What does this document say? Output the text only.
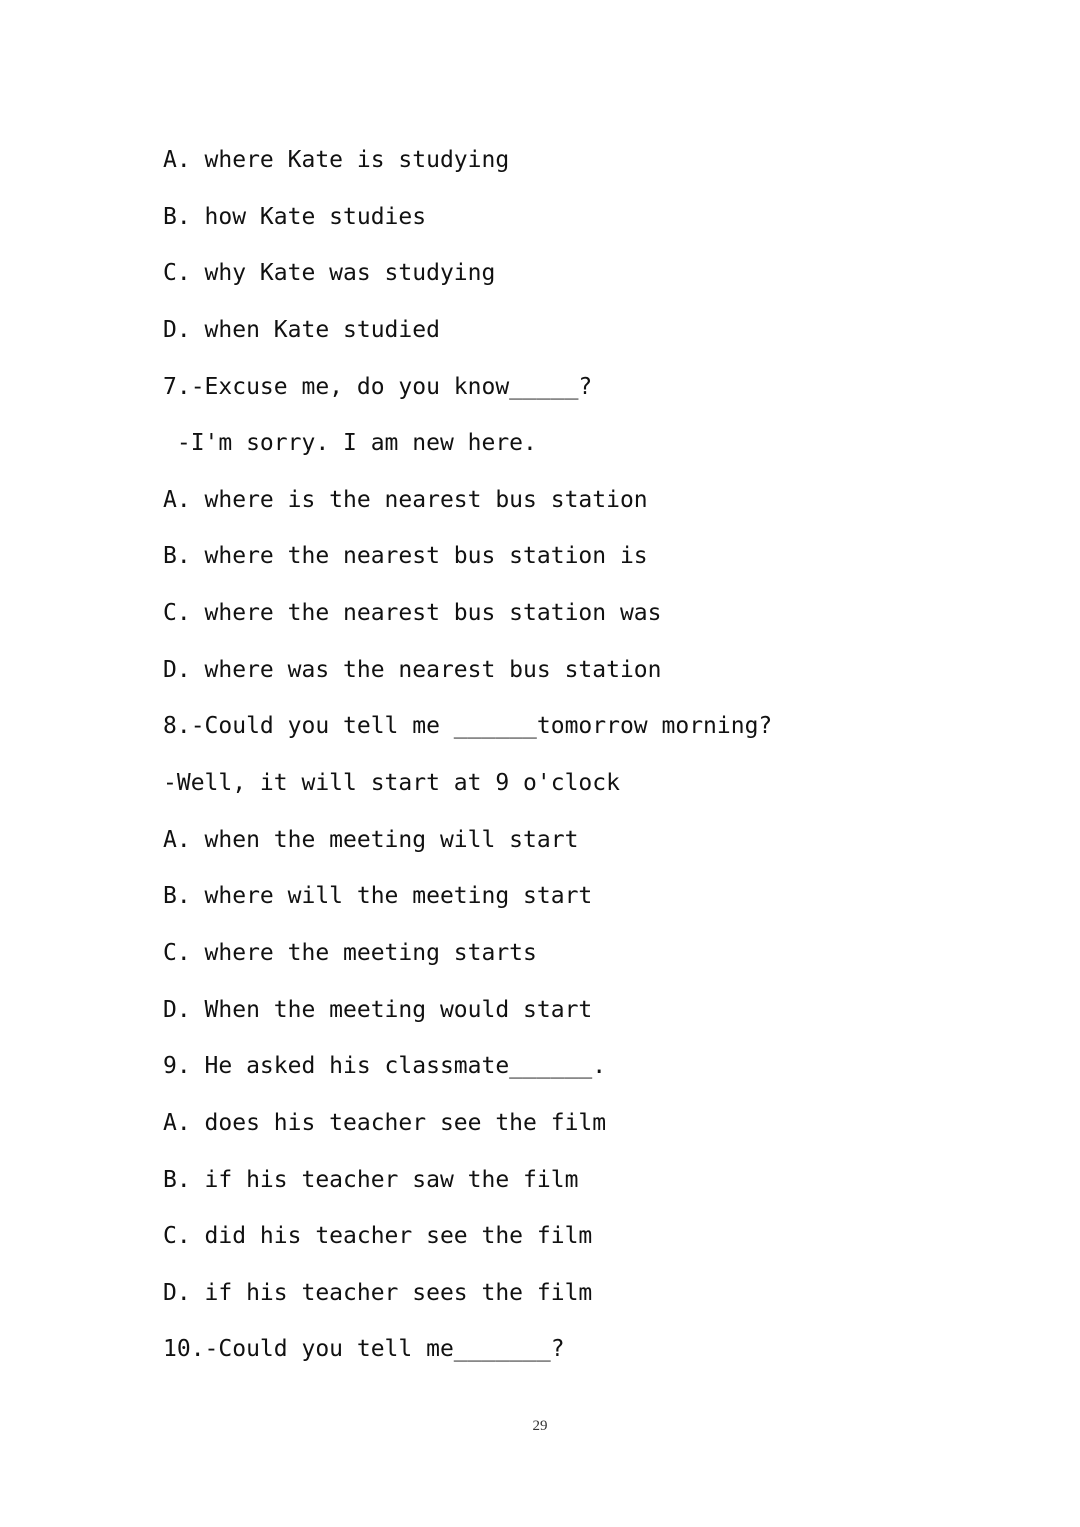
A. where Kate is studying
B. how Kate studies
C. why Kate was studying
D. when Kate studied
7.-Excuse me, do you know_____?
-I'm sorry. I am new here.
A. where is the nearest bus station
B. where the nearest bus station is
C. where the nearest bus station was
D. where was the nearest bus station
8.-Could you tell me ______tomorrow morning?
-Well, it will start at 9 o'clock
A. when the meeting will start
B. where will the meeting start
C. where the meeting starts
D. When the meeting would start
9. He asked his classmate______.
A. does his teacher see the film
B. if his teacher saw the film
C. did his teacher see the film
D. if his teacher sees the film
10.-Could you tell me_______?
29
